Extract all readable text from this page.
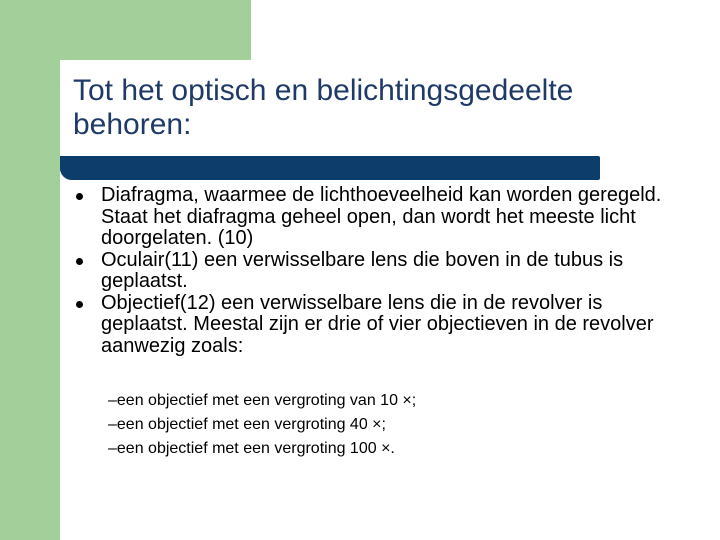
Tot het optisch en belichtingsgedeelte behoren:
Diafragma, waarmee de lichthoeveelheid kan worden geregeld. Staat het diafragma geheel open, dan wordt het meeste licht doorgelaten. (10)
Oculair(11) een verwisselbare lens die boven in de tubus is geplaatst.
Objectief(12) een verwisselbare lens die in de revolver is geplaatst. Meestal zijn er drie of vier objectieven in de revolver aanwezig zoals:
–een objectief met een vergroting van 10 ×;
–een objectief met een vergroting 40 ×;
–een objectief met een vergroting 100 ×.
